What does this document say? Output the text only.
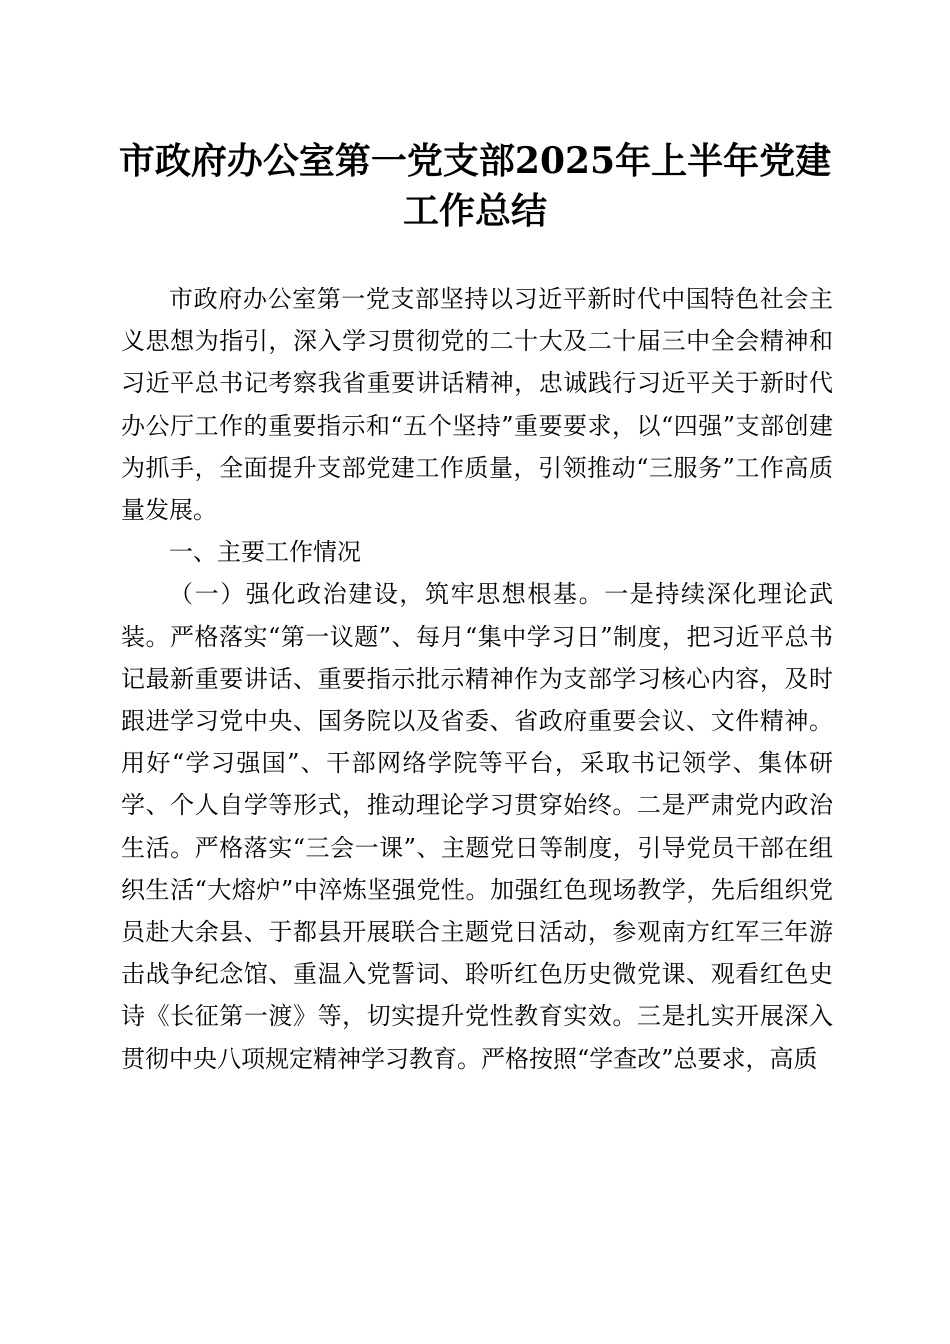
市政府办公室第一党支部2025年上半年党建
工作总结

市政府办公室第一党支部坚持以习近平新时代中国特色社会主义思想为指引，深入学习贯彻党的二十大及二十届三中全会精神和习近平总书记考察我省重要讲话精神，忠诚践行习近平关于新时代办公厅工作的重要指示和“五个坚持”重要要求，以“四强”支部创建为抓手，全面提升支部党建工作质量，引领推动“三服务”工作高质量发展。

一、主要工作情况

（一）强化政治建设，筑牢思想根基。一是持续深化理论武装。严格落实“第一议题”、每月“集中学习日”制度，把习近平总书记最新重要讲话、重要指示批示精神作为支部学习核心内容，及时跟进学习党中央、国务院以及省委、省政府重要会议、文件精神。用好“学习强国”、干部网络学院等平台，采取书记领学、集体研学、个人自学等形式，推动理论学习贯穿始终。二是严肃党内政治生活。严格落实“三会一课”、主题党日等制度，引导党员干部在组织生活“大熔炉”中淬炼坚强党性。加强红色现场教学，先后组织党员赴大余县、于都县开展联合主题党日活动，参观南方红军三年游击战争纪念馆、重温入党誓词、聆听红色历史微党课、观看红色史诗《长征第一渡》等，切实提升党性教育实效。三是扎实开展深入贯彻中央八项规定精神学习教育。严格按照“学查改”总要求，高质
